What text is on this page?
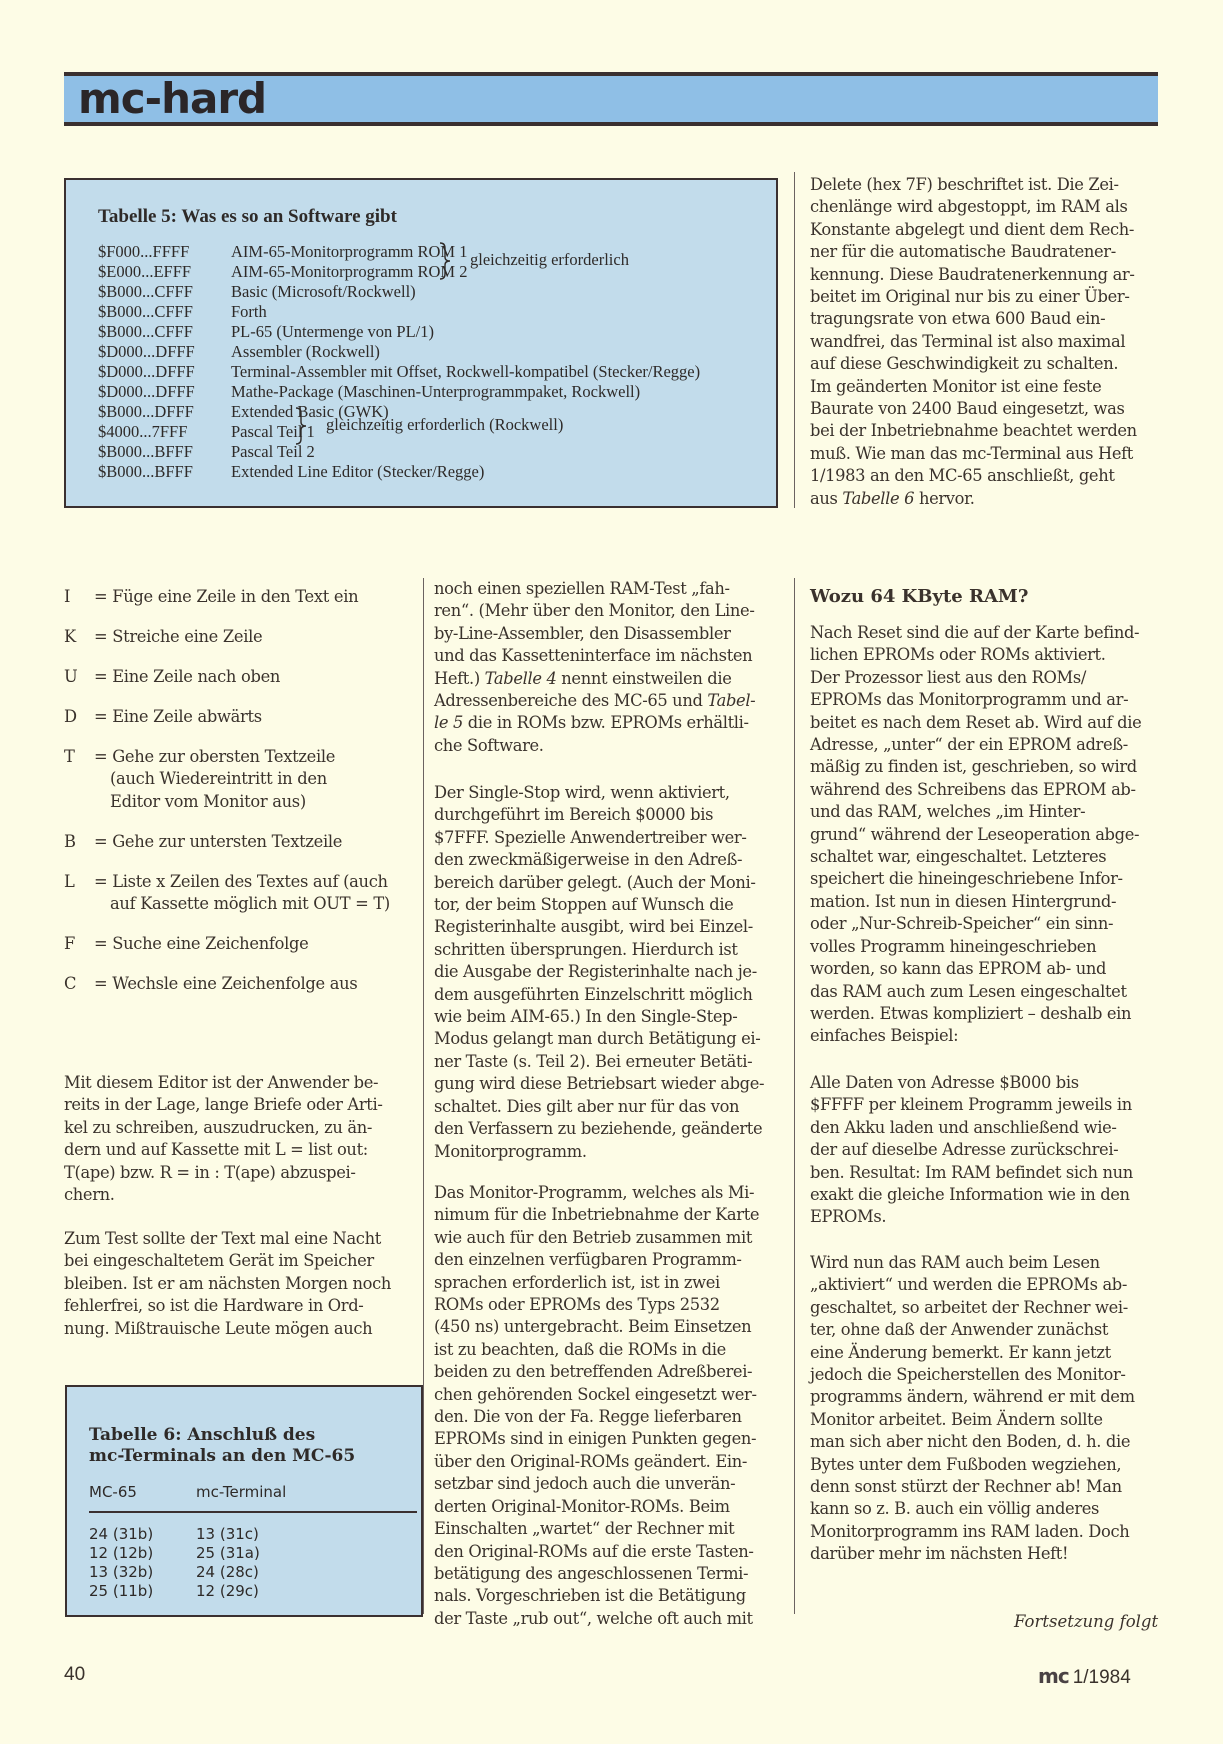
mc-hard
Tabelle 5: Was es so an Software gibt
$F000...FFFF	AIM-65-Monitorprogramm ROM 1
$E000...EFFF AIM-65-Monitorprogramm ROM 2
$B000...CFFF Basic (Microsoft/Rockwell)
$B000...CFFF Forth
$B000...CFFF PL-65 (Untermenge von PL/1)
$D000...DFFF Assembler (Rockwell)
$D000...DFFF Terminal-Assembler mit Offset, Rockwell-kompatibel (Stecker/Regge)
$D000...DFFF Mathe-Package (Maschinen-Unterprogrammpaket, Rockwell)
$B000...DFFF Extended Basic (GWK)
$4000...7FFF	Pascal Teil 1
$B000...BFFF Pascal Teil 2
$B000...BFFF Extended Line Editor (Stecker/Regge)
gleichzeitig erforderlich
gleichzeitig erforderlich (Rockwell)
Delete (hex 7F) beschriftet ist. Die Zei-
chenlänge wird abgestoppt, im RAM als
Konstante abgelegt und dient dem Rech-
ner für die automatische Baudratener-
kennung. Diese Baudratenerkennung ar-
beitet im Original nur bis zu einer Über-
tragungsrate von etwa 600 Baud ein-
wandfrei, das Terminal ist also maximal
auf diese Geschwindigkeit zu schalten.
Im geänderten Monitor ist eine feste
Baurate von 2400 Baud eingesetzt, was
bei der Inbetriebnahme beachtet werden
muß. Wie man das mc-Terminal aus Heft
1/1983 an den MC-65 anschließt, geht
aus Tabelle 6 hervor.
I = Füge eine Zeile in den Text ein
K = Streiche eine Zeile
U = Eine Zeile nach oben
D = Eine Zeile abwärts
T = Gehe zur obersten Textzeile
(auch Wiedereintritt in den
Editor vom Monitor aus)
B = Gehe zur untersten Textzeile
L = Liste x Zeilen des Textes auf (auch
auf Kassette möglich mit OUT = T)
F = Suche eine Zeichenfolge
C = Wechsle eine Zeichenfolge aus
Mit diesem Editor ist der Anwender be-
reits in der Lage, lange Briefe oder Arti-
kel zu schreiben, auszudrucken, zu än-
dern und auf Kassette mit L = list out:
T(ape) bzw. R = in : T(ape) abzuspei-
chern.
Zum Test sollte der Text mal eine Nacht
bei eingeschaltetem Gerät im Speicher
bleiben. Ist er am nächsten Morgen noch
fehlerfrei, so ist die Hardware in Ord-
nung. Mißtrauische Leute mögen auch
Tabelle 6: Anschluß des
mc-Terminals an den MC-65
MC-65	mc-Terminal
24 (31b)	13 (31c)
12 (12b)	25 (31a)
13 (32b)	24 (28c)
25 (11b)	12 (29c)
noch einen speziellen RAM-Test „fah-
ren“. (Mehr über den Monitor, den Line-
by-Line-Assembler, den Disassembler
und das Kassetteninterface im nächsten
Heft.) Tabelle 4 nennt einstweilen die
Adressenbereiche des MC-65 und Tabel-
le 5 die in ROMs bzw. EPROMs erhältli-
che Software.
Der Single-Stop wird, wenn aktiviert,
durchgeführt im Bereich $0000 bis
$7FFF. Spezielle Anwendertreiber wer-
den zweckmäßigerweise in den Adreß-
bereich darüber gelegt. (Auch der Moni-
tor, der beim Stoppen auf Wunsch die
Registerinhalte ausgibt, wird bei Einzel-
schritten übersprungen. Hierdurch ist
die Ausgabe der Registerinhalte nach je-
dem ausgeführten Einzelschritt möglich
wie beim AIM-65.) In den Single-Step-
Modus gelangt man durch Betätigung ei-
ner Taste (s. Teil 2). Bei erneuter Betäti-
gung wird diese Betriebsart wieder abge-
schaltet. Dies gilt aber nur für das von
den Verfassern zu beziehende, geänderte
Monitorprogramm.
Das Monitor-Programm, welches als Mi-
nimum für die Inbetriebnahme der Karte
wie auch für den Betrieb zusammen mit
den einzelnen verfügbaren Programm-
sprachen erforderlich ist, ist in zwei
ROMs oder EPROMs des Typs 2532
(450 ns) untergebracht. Beim Einsetzen
ist zu beachten, daß die ROMs in die
beiden zu den betreffenden Adreßberei-
chen gehörenden Sockel eingesetzt wer-
den. Die von der Fa. Regge lieferbaren
EPROMs sind in einigen Punkten gegen-
über den Original-ROMs geändert. Ein-
setzbar sind jedoch auch die unverän-
derten Original-Monitor-ROMs. Beim
Einschalten „wartet“ der Rechner mit
den Original-ROMs auf die erste Tasten-
betätigung des angeschlossenen Termi-
nals. Vorgeschrieben ist die Betätigung
der Taste „rub out“, welche oft auch mit
Wozu 64 KByte RAM?
Nach Reset sind die auf der Karte befind-
lichen EPROMs oder ROMs aktiviert.
Der Prozessor liest aus den ROMs/
EPROMs das Monitorprogramm und ar-
beitet es nach dem Reset ab. Wird auf die
Adresse, „unter“ der ein EPROM adreß-
mäßig zu finden ist, geschrieben, so wird
während des Schreibens das EPROM ab-
und das RAM, welches „im Hinter-
grund“ während der Leseoperation abge-
schaltet war, eingeschaltet. Letzteres
speichert die hineingeschriebene Infor-
mation. Ist nun in diesen Hintergrund-
oder „Nur-Schreib-Speicher“ ein sinn-
volles Programm hineingeschrieben
worden, so kann das EPROM ab- und
das RAM auch zum Lesen eingeschaltet
werden. Etwas kompliziert – deshalb ein
einfaches Beispiel:
Alle Daten von Adresse $B000 bis
$FFFF per kleinem Programm jeweils in
den Akku laden und anschließend wie-
der auf dieselbe Adresse zurückschrei-
ben. Resultat: Im RAM befindet sich nun
exakt die gleiche Information wie in den
EPROMs.
Wird nun das RAM auch beim Lesen
„aktiviert“ und werden die EPROMs ab-
geschaltet, so arbeitet der Rechner wei-
ter, ohne daß der Anwender zunächst
eine Änderung bemerkt. Er kann jetzt
jedoch die Speicherstellen des Monitor-
programms ändern, während er mit dem
Monitor arbeitet. Beim Ändern sollte
man sich aber nicht den Boden, d. h. die
Bytes unter dem Fußboden wegziehen,
denn sonst stürzt der Rechner ab! Man
kann so z. B. auch ein völlig anderes
Monitorprogramm ins RAM laden. Doch
darüber mehr im nächsten Heft!
Fortsetzung folgt
40	mc 1/1984
